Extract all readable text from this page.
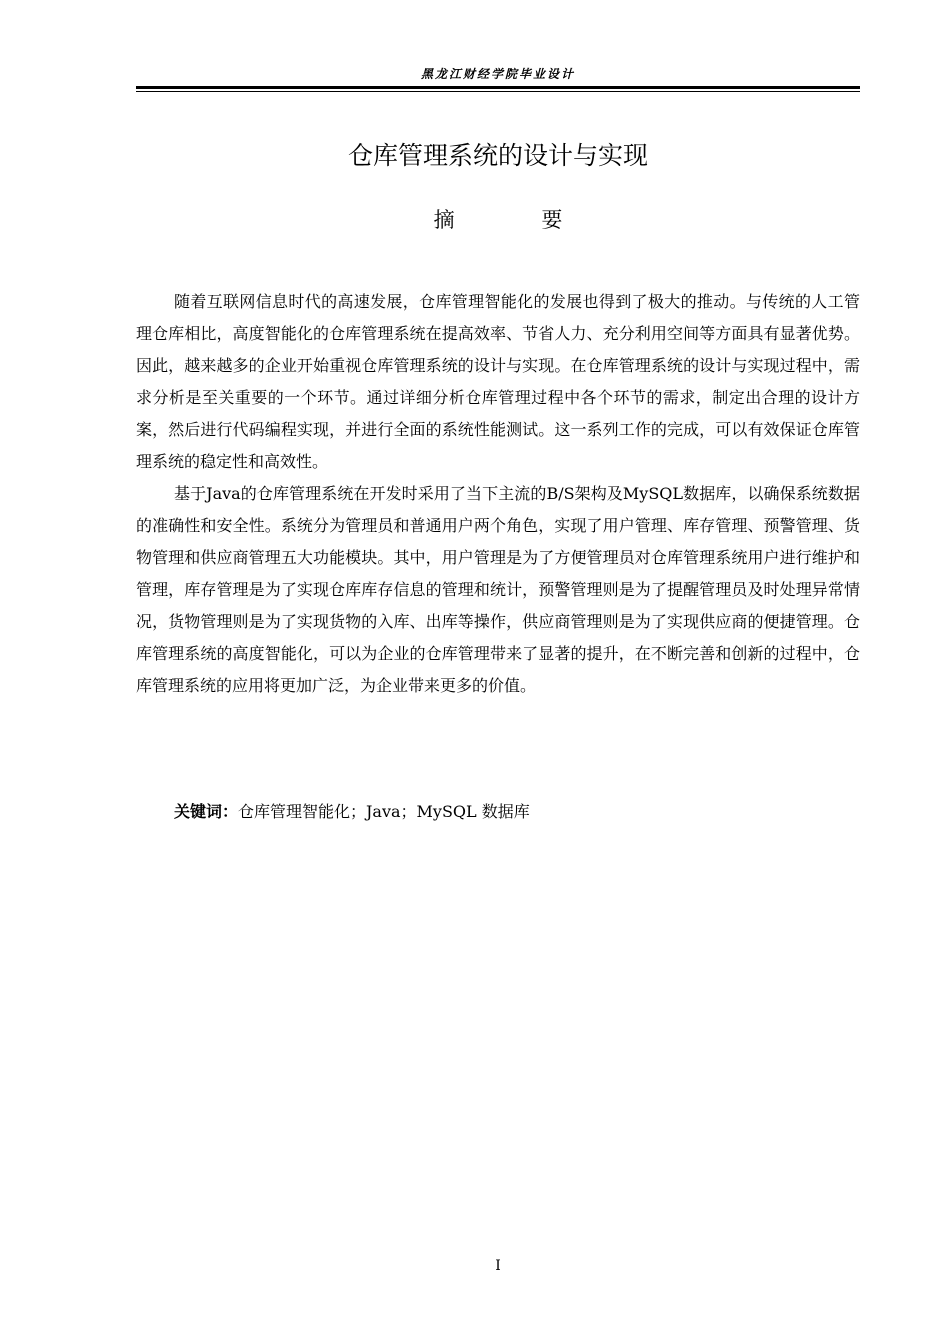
黑龙江财经学院毕业设计
仓库管理系统的设计与实现
摘 要

随着互联网信息时代的高速发展，仓库管理智能化的发展也得到了极大的推动。与传统的人工管理仓库相比，高度智能化的仓库管理系统在提高效率、节省人力、充分利用空间等方面具有显著优势。因此，越来越多的企业开始重视仓库管理系统的设计与实现。在仓库管理系统的设计与实现过程中，需求分析是至关重要的一个环节。通过详细分析仓库管理过程中各个环节的需求，制定出合理的设计方案，然后进行代码编程实现，并进行全面的系统性能测试。这一系列工作的完成，可以有效保证仓库管理系统的稳定性和高效性。

基于Java的仓库管理系统在开发时采用了当下主流的B/S架构及MySQL数据库，以确保系统数据的准确性和安全性。系统分为管理员和普通用户两个角色，实现了用户管理、库存管理、预警管理、货物管理和供应商管理五大功能模块。其中，用户管理是为了方便管理员对仓库管理系统用户进行维护和管理，库存管理是为了实现仓库库存信息的管理和统计，预警管理则是为了提醒管理员及时处理异常情况，货物管理则是为了实现货物的入库、出库等操作，供应商管理则是为了实现供应商的便捷管理。仓库管理系统的高度智能化，可以为企业的仓库管理带来了显著的提升，在不断完善和创新的过程中，仓库管理系统的应用将更加广泛，为企业带来更多的价值。

关键词：仓库管理智能化；Java；MySQL 数据库
I
